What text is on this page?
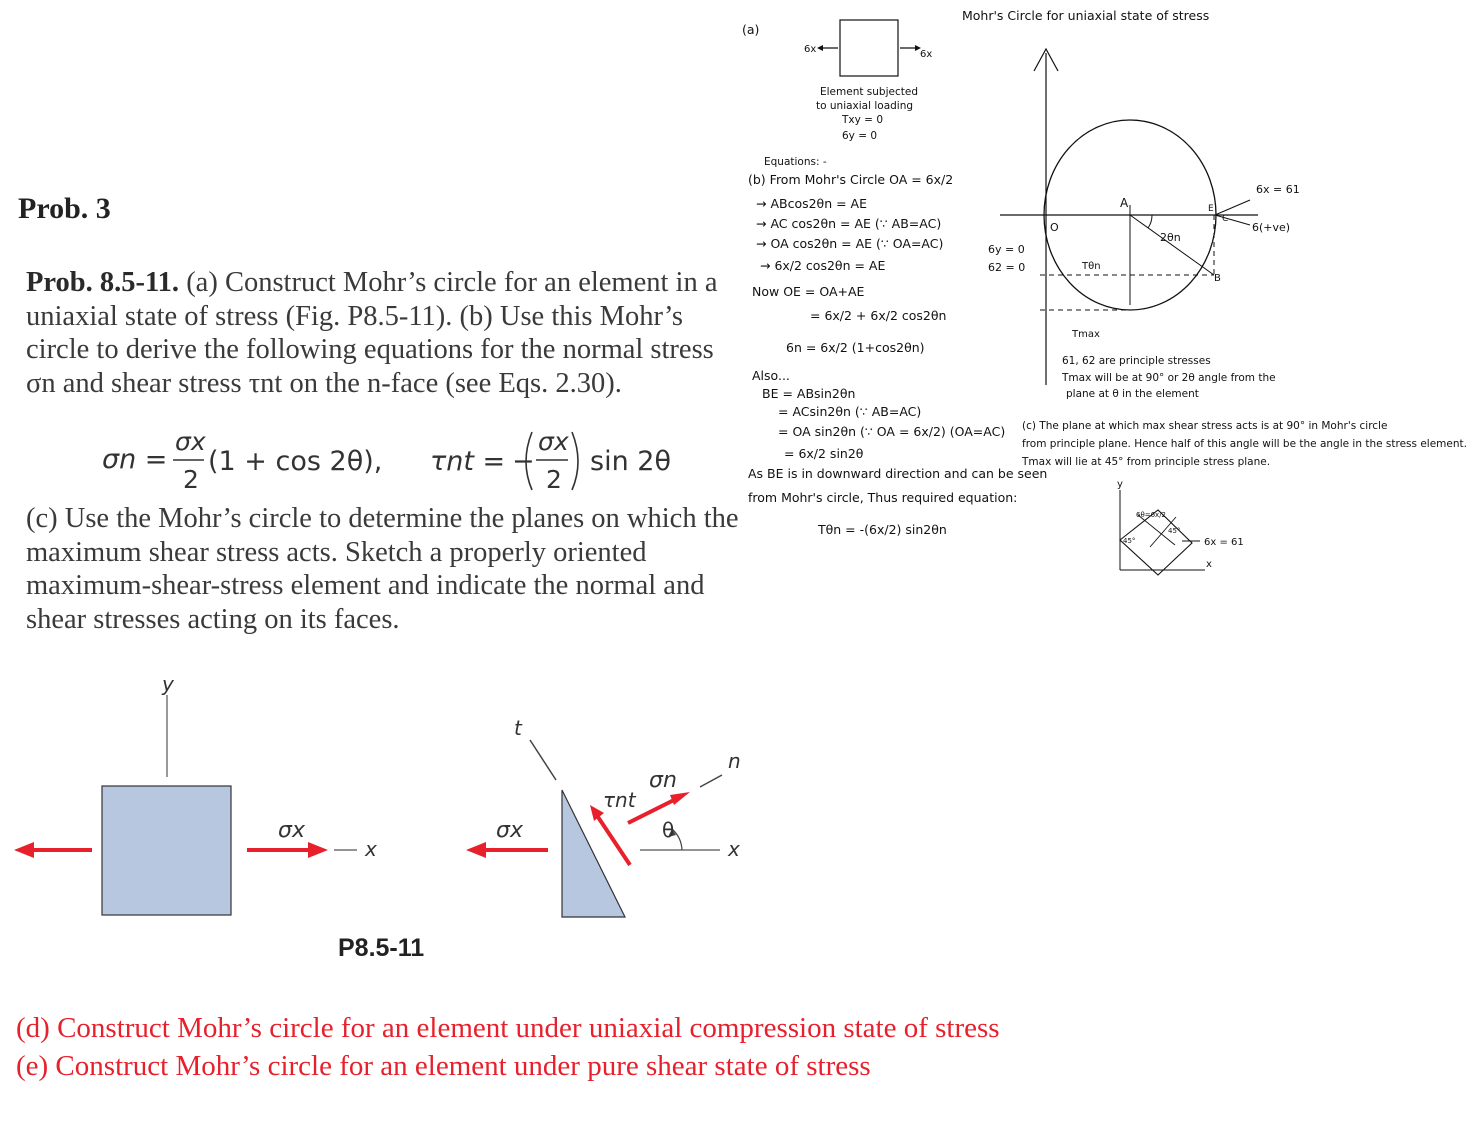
Prob. 3
Prob. 8.5-11. (a) Construct Mohr’s circle for an element in a uniaxial state of stress (Fig. P8.5-11). (b) Use this Mohr’s circle to derive the following equations for the normal stress σn and shear stress τnt on the n-face (see Eqs. 2.30).
σn =
σx
2
(1 + cos 2θ), τnt = −
σx
2
sin 2θ
(c) Use the Mohr’s circle to determine the planes on which the maximum shear stress acts. Sketch a properly oriented maximum-shear-stress element and indicate the normal and shear stresses acting on its faces.
y
σx
x
t
σx
τnt
σn
n
x
θ
P8.5-11
(d) Construct Mohr’s circle for an element under uniaxial compression state of stress
(e) Construct Mohr’s circle for an element under pure shear state of stress
(a)
6x	6x
Element subjected
to uniaxial loading
Txy = 0
6y = 0
Equations: -
(b) From Mohr's Circle OA = 6x/2
→ ABcos2θn = AE
→ AC cos2θn = AE (∵ AB=AC)
→ OA cos2θn = AE (∵ OA=AC)
→ 6x/2 cos2θn = AE
Now OE = OA+AE
= 6x/2 + 6x/2 cos2θn
6n = 6x/2 (1+cos2θn)
Also...
BE = ABsin2θn
= ACsin2θn (∵ AB=AC)
= OA sin2θn (∵ OA = 6x/2) (OA=AC)
= 6x/2 sin2θ
As BE is in downward direction and can be seen
from Mohr's circle, Thus required equation:
Tθn = -(6x/2) sin2θn
Mohr's Circle for uniaxial state of stress
O
A
B
E
C
2θn
Tθn
Tmax
6x = 61
6(+ve)
6y = 0
62 = 0
61, 62 are principle stresses
Tmax will be at 90° or 2θ angle from the
plane at θ in the element
(c) The plane at which max shear stress acts is at 90° in Mohr's circle
from principle plane. Hence half of this angle will be the angle in the stress element.
Tmax will lie at 45° from principle stress plane.
y
x
45°
45°
6x = 61
6θ=6x/2
